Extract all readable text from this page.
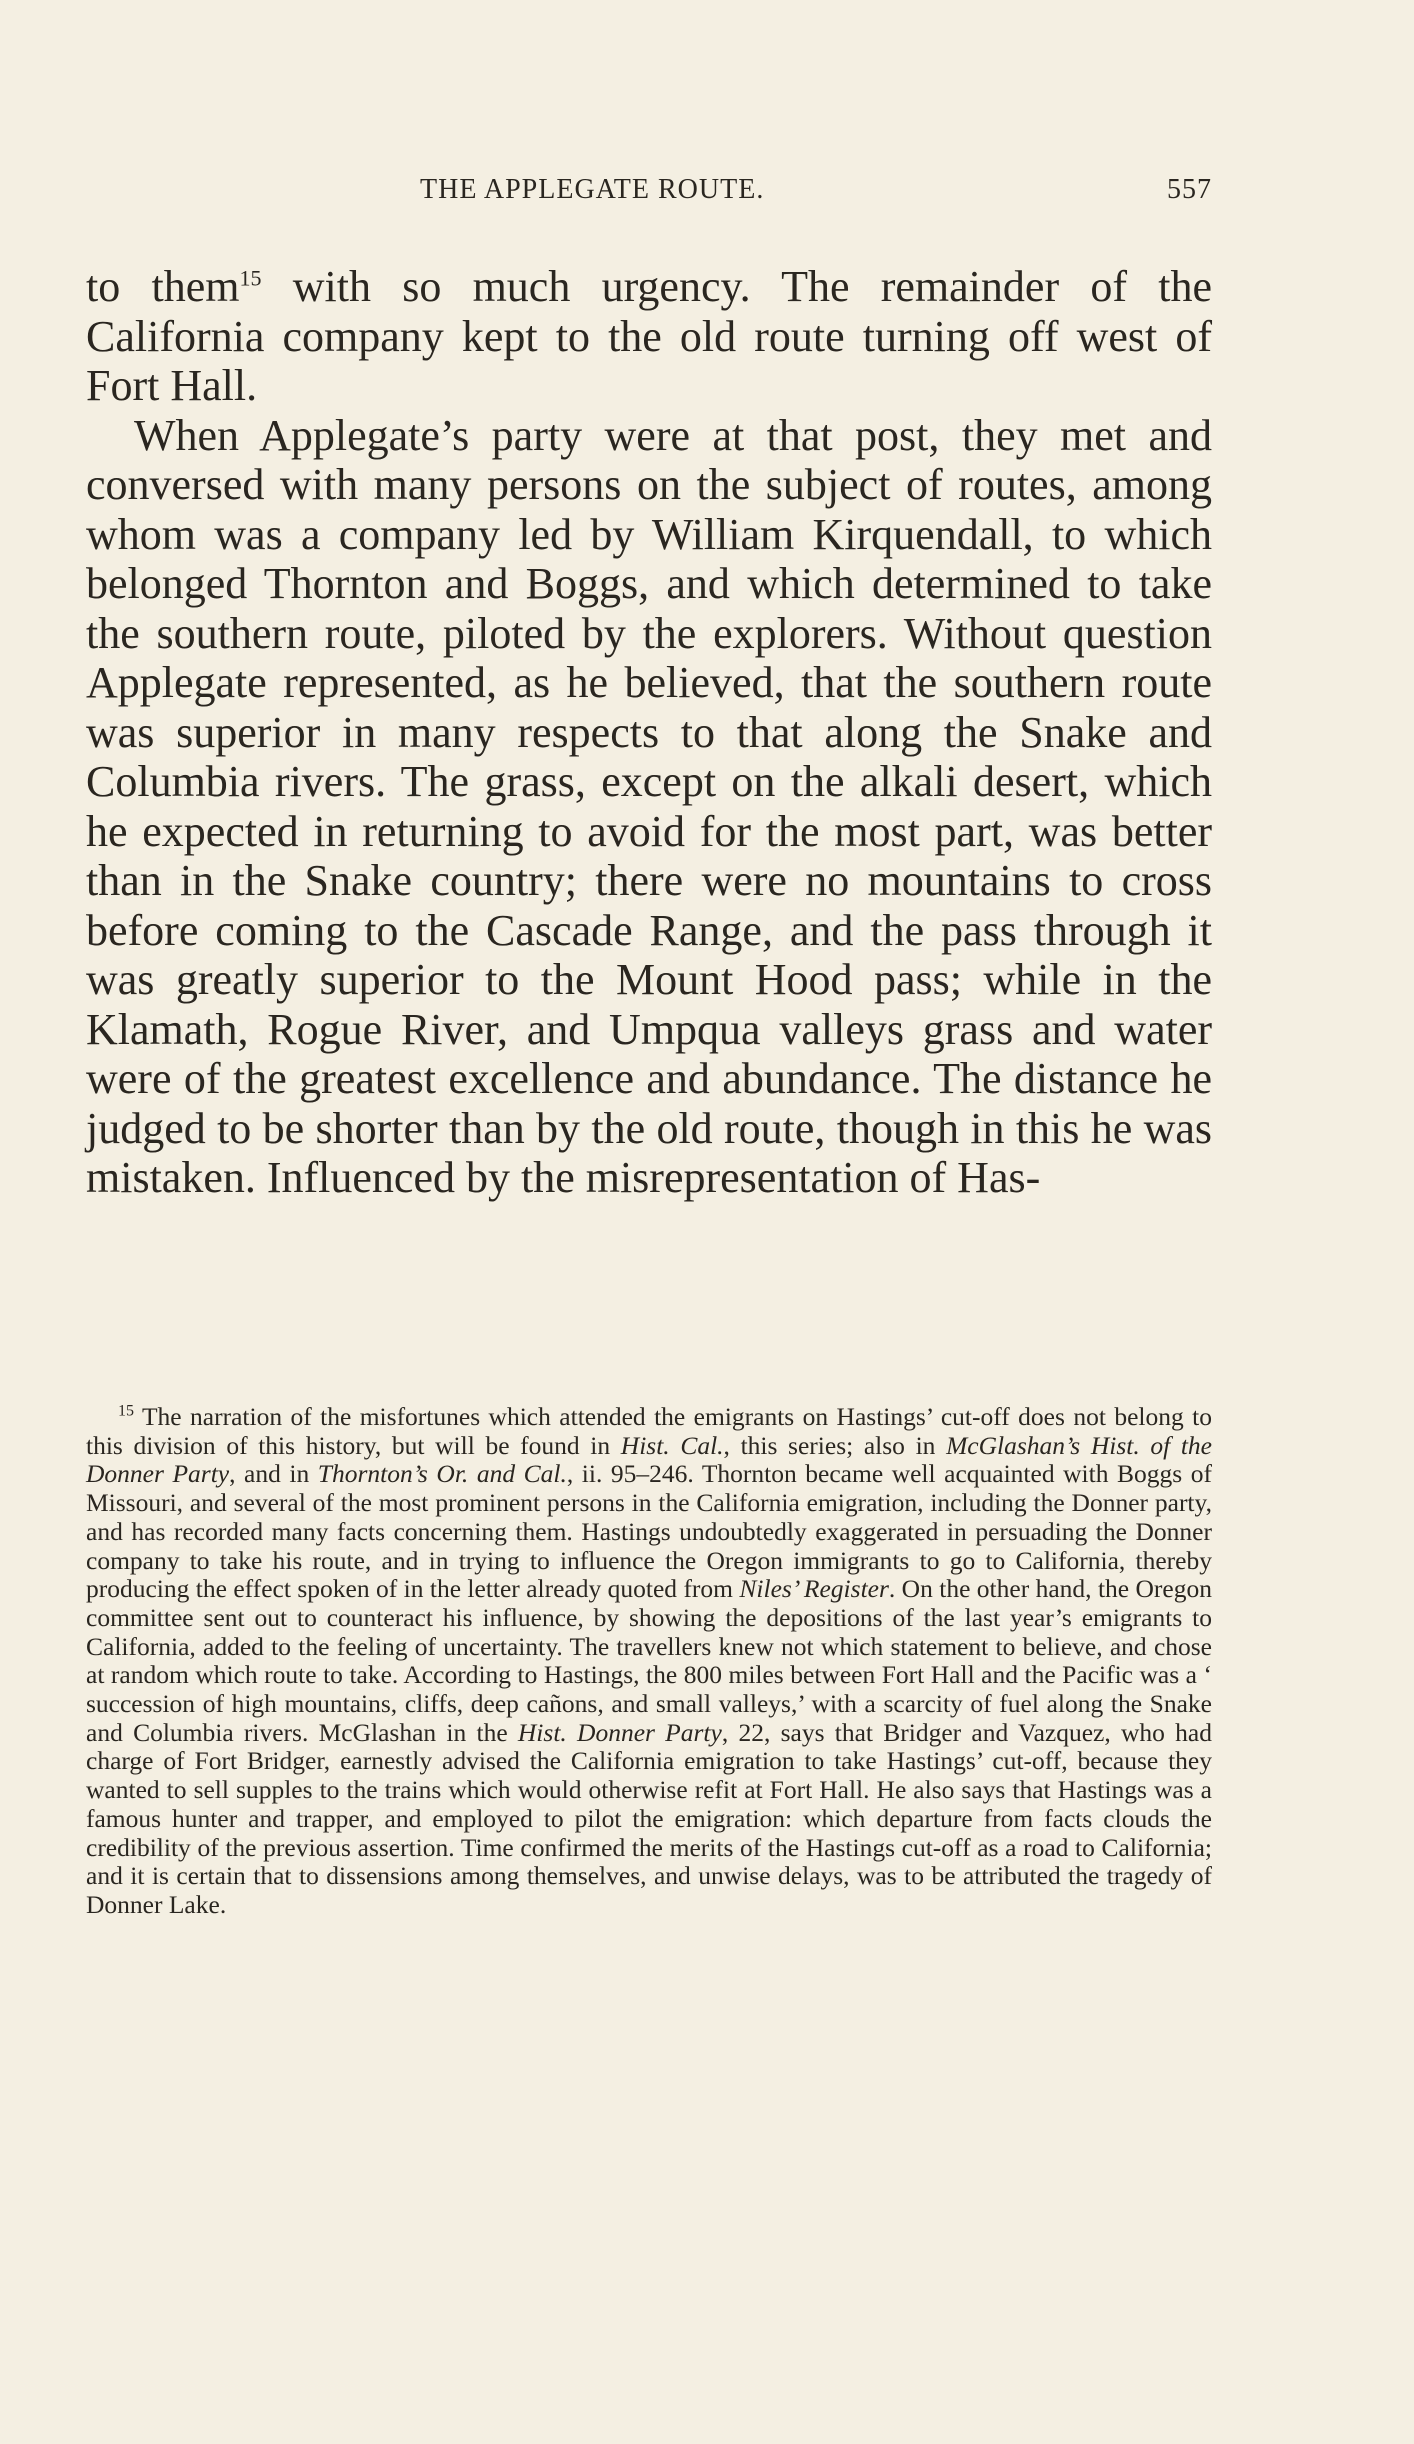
THE APPLEGATE ROUTE.	557

to them$^{15}$ with so much urgency. The remainder of the California company kept to the old route turning off west of Fort Hall.

When Applegate’s party were at that post, they met and conversed with many persons on the subject of routes, among whom was a company led by William Kirquendall, to which belonged Thornton and Boggs, and which determined to take the southern route, piloted by the explorers. Without question Applegate represented, as he believed, that the southern route was superior in many respects to that along the Snake and Columbia rivers. The grass, except on the alkali desert, which he expected in returning to avoid for the most part, was better than in the Snake country; there were no mountains to cross before coming to the Cascade Range, and the pass through it was greatly superior to the Mount Hood pass; while in the Klamath, Rogue River, and Umpqua valleys grass and water were of the greatest excellence and abundance. The distance he judged to be shorter than by the old route, though in this he was mistaken. Influenced by the misrepresentation of Has-

$^{15}$ The narration of the misfortunes which attended the emigrants on Hastings’ cut-off does not belong to this division of this history, but will be found in Hist. Cal., this series; also in McGlashan’s Hist. of the Donner Party, and in Thornton’s Or. and Cal., ii. 95–246. Thornton became well acquainted with Boggs of Missouri, and several of the most prominent persons in the California emigration, including the Donner party, and has recorded many facts concerning them. Hastings undoubtedly exaggerated in persuading the Donner company to take his route, and in trying to influence the Oregon immigrants to go to California, thereby producing the effect spoken of in the letter already quoted from Niles’ Register. On the other hand, the Oregon committee sent out to counteract his influence, by showing the depositions of the last year’s emigrants to California, added to the feeling of uncertainty. The travellers knew not which statement to believe, and chose at random which route to take. According to Hastings, the 800 miles between Fort Hall and the Pacific was a ‘ succession of high mountains, cliffs, deep cañons, and small valleys,’ with a scarcity of fuel along the Snake and Columbia rivers. McGlashan in the Hist. Donner Party, 22, says that Bridger and Vazquez, who had charge of Fort Bridger, earnestly advised the California emigration to take Hastings’ cut-off, because they wanted to sell supples to the trains which would otherwise refit at Fort Hall. He also says that Hastings was a famous hunter and trapper, and employed to pilot the emigration: which departure from facts clouds the credibility of the previous assertion. Time confirmed the merits of the Hastings cut-off as a road to California; and it is certain that to dissensions among themselves, and unwise delays, was to be attributed the tragedy of Donner Lake.
